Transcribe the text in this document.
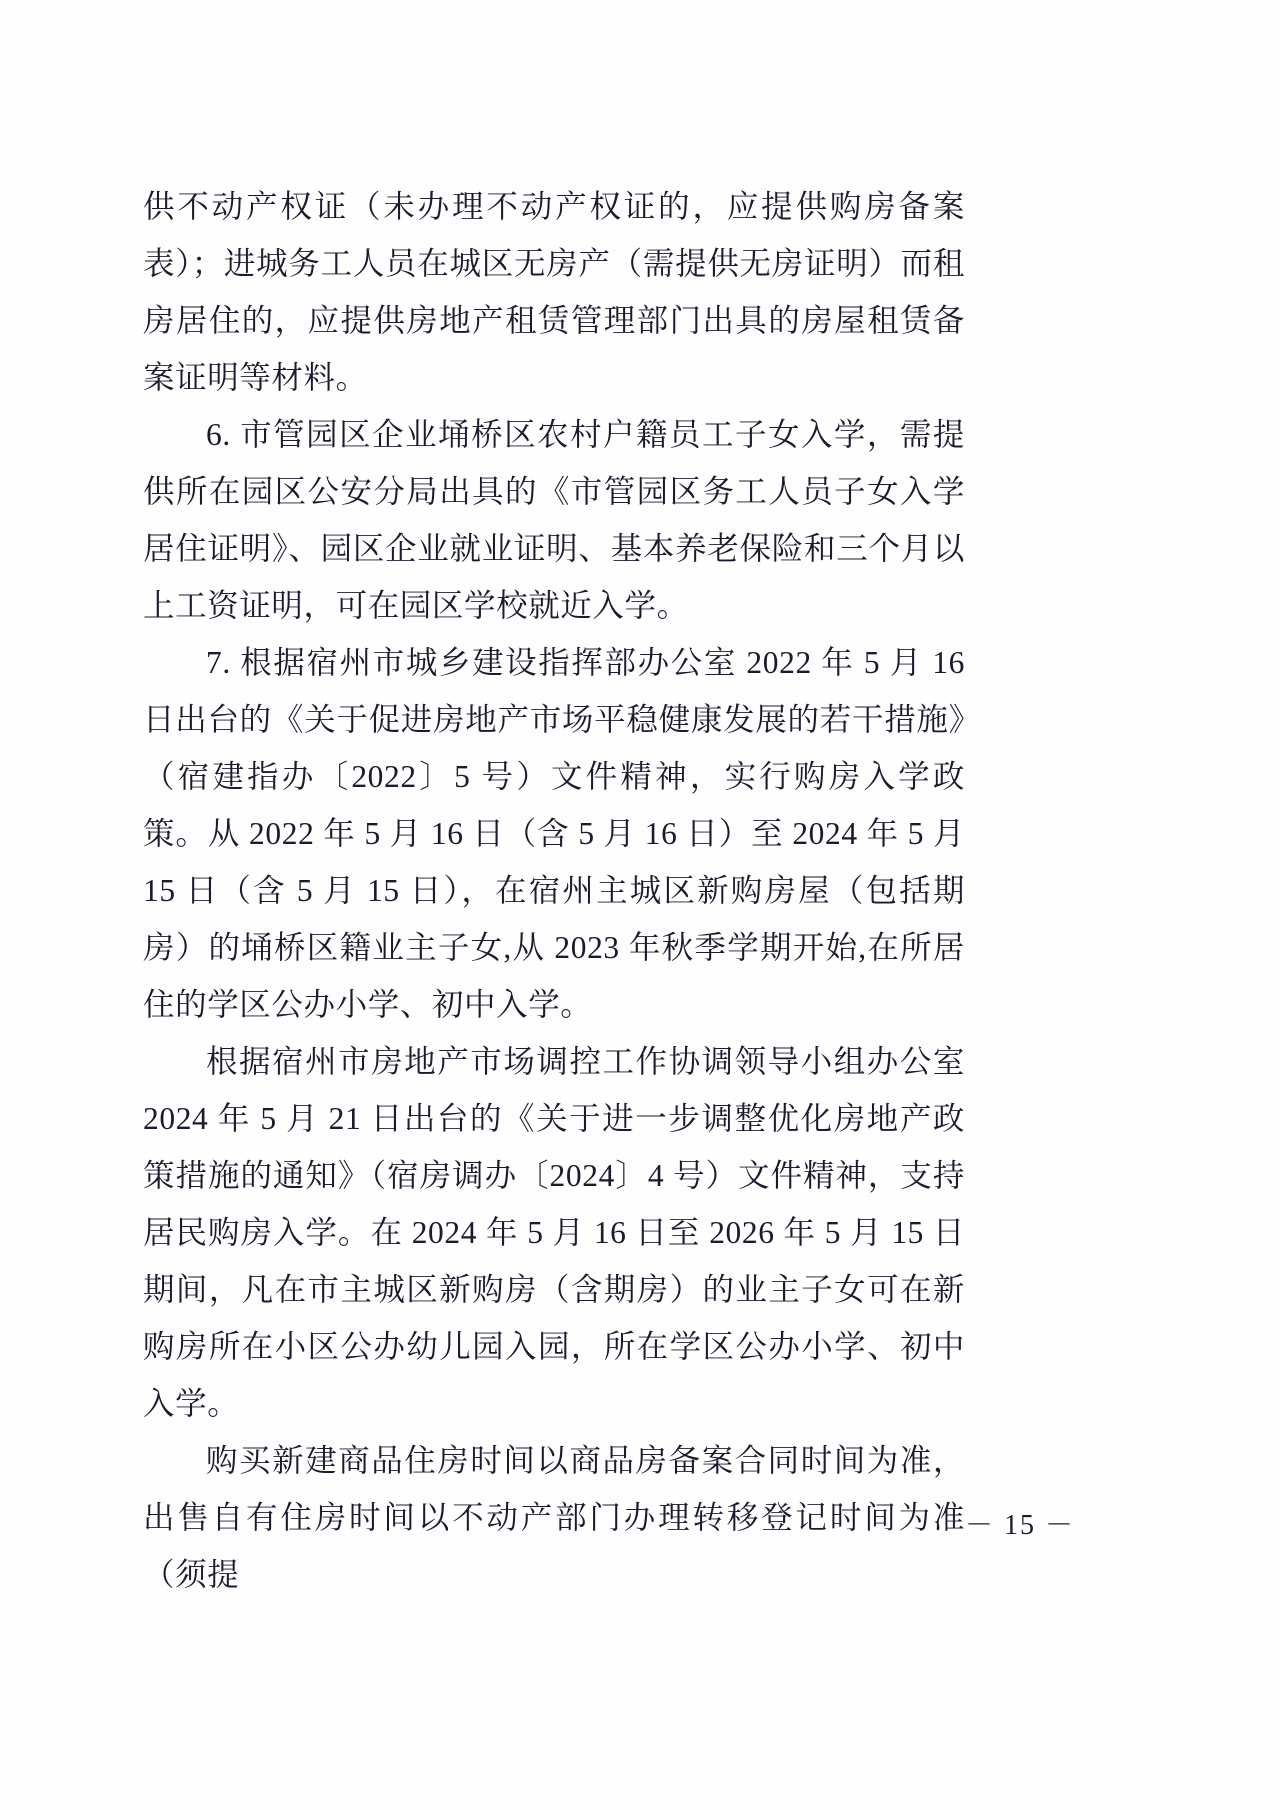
供不动产权证（未办理不动产权证的，应提供购房备案表）；进城务工人员在城区无房产（需提供无房证明）而租房居住的，应提供房地产租赁管理部门出具的房屋租赁备案证明等材料。

6. 市管园区企业埇桥区农村户籍员工子女入学，需提供所在园区公安分局出具的《市管园区务工人员子女入学居住证明》、园区企业就业证明、基本养老保险和三个月以上工资证明，可在园区学校就近入学。

7. 根据宿州市城乡建设指挥部办公室 2022 年 5 月 16 日出台的《关于促进房地产市场平稳健康发展的若干措施》（宿建指办〔2022〕5 号）文件精神，实行购房入学政策。从 2022 年 5 月 16 日（含 5 月 16 日）至 2024 年 5 月 15 日（含 5 月 15 日），在宿州主城区新购房屋（包括期房）的埇桥区籍业主子女,从 2023 年秋季学期开始,在所居住的学区公办小学、初中入学。

根据宿州市房地产市场调控工作协调领导小组办公室 2024 年 5 月 21 日出台的《关于进一步调整优化房地产政策措施的通知》（宿房调办〔2024〕4 号）文件精神，支持居民购房入学。在 2024 年 5 月 16 日至 2026 年 5 月 15 日期间，凡在市主城区新购房（含期房）的业主子女可在新购房所在小区公办幼儿园入园，所在学区公办小学、初中入学。

购买新建商品住房时间以商品房备案合同时间为准，出售自有住房时间以不动产部门办理转移登记时间为准（须提

－ 15 －
